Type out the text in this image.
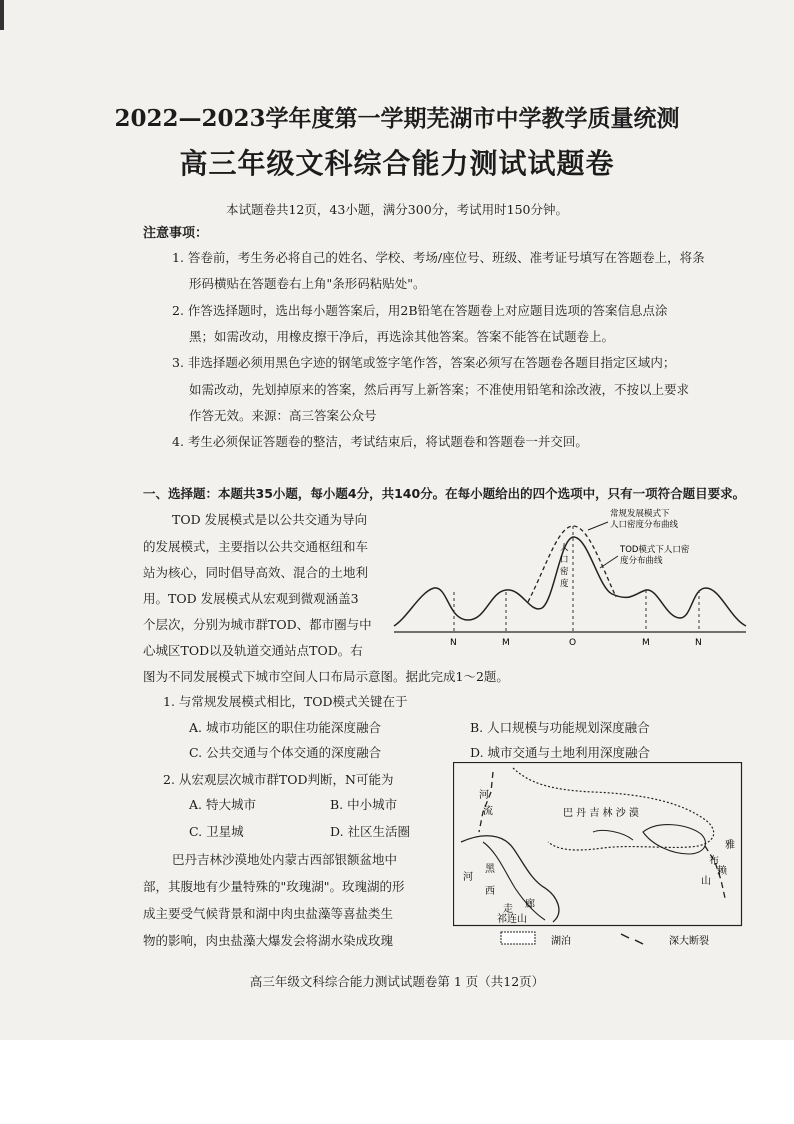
2022—2023学年度第一学期芜湖市中学教学质量统测
高三年级文科综合能力测试试题卷
本试题卷共12页，43小题，满分300分，考试用时150分钟。
注意事项：
1. 答卷前，考生务必将自己的姓名、学校、考场/座位号、班级、准考证号填写在答题卷上，将条
形码横贴在答题卷右上角"条形码粘贴处"。
2. 作答选择题时，选出每小题答案后，用2B铅笔在答题卷上对应题目选项的答案信息点涂
黑；如需改动，用橡皮擦干净后，再选涂其他答案。答案不能答在试题卷上。
3. 非选择题必须用黑色字迹的钢笔或签字笔作答，答案必须写在答题卷各题目指定区域内；
如需改动，先划掉原来的答案，然后再写上新答案；不准使用铅笔和涂改液，不按以上要求
作答无效。来源：高三答案公众号
4. 考生必须保证答题卷的整洁，考试结束后，将试题卷和答题卷一并交回。
一、选择题：本题共35小题，每小题4分，共140分。在每小题给出的四个选项中，只有一项符合题目要求。
TOD 发展模式是以公共交通为导向
的发展模式，主要指以公共交通枢纽和车
站为核心，同时倡导高效、混合的土地利
用。TOD 发展模式从宏观到微观涵盖3
个层次，分别为城市群TOD、都市圈与中
心城区TOD以及轨道交通站点TOD。右
图为不同发展模式下城市空间人口布局示意图。据此完成1～2题。
1. 与常规发展模式相比，TOD模式关键在于
A. 城市功能区的职住功能深度融合	B. 人口规模与功能规划深度融合
C. 公共交通与个体交通的深度融合	D. 城市交通与土地利用深度融合
2. 从宏观层次城市群TOD判断，N可能为
A. 特大城市	B. 中小城市
C. 卫星城	D. 社区生活圈
巴丹吉林沙漠地处内蒙古西部银额盆地中
部，其腹地有少量特殊的"玫瑰湖"。玫瑰湖的形
成主要受气候背景和湖中肉虫盐藻等喜盐类生
物的影响，肉虫盐藻大爆发会将湖水染成玫瑰
人
口
密
度
常规发展模式下
人口密度分布曲线
TOD模式下人口密
度分布曲线
N	M	O	M	N
巴 丹 吉 林 沙 漠
河
流
黑
河
西
走 廊
祁连山
雅
布
赖
山
湖泊	深大断裂
高三年级文科综合能力测试试题卷第 1 页（共12页）
